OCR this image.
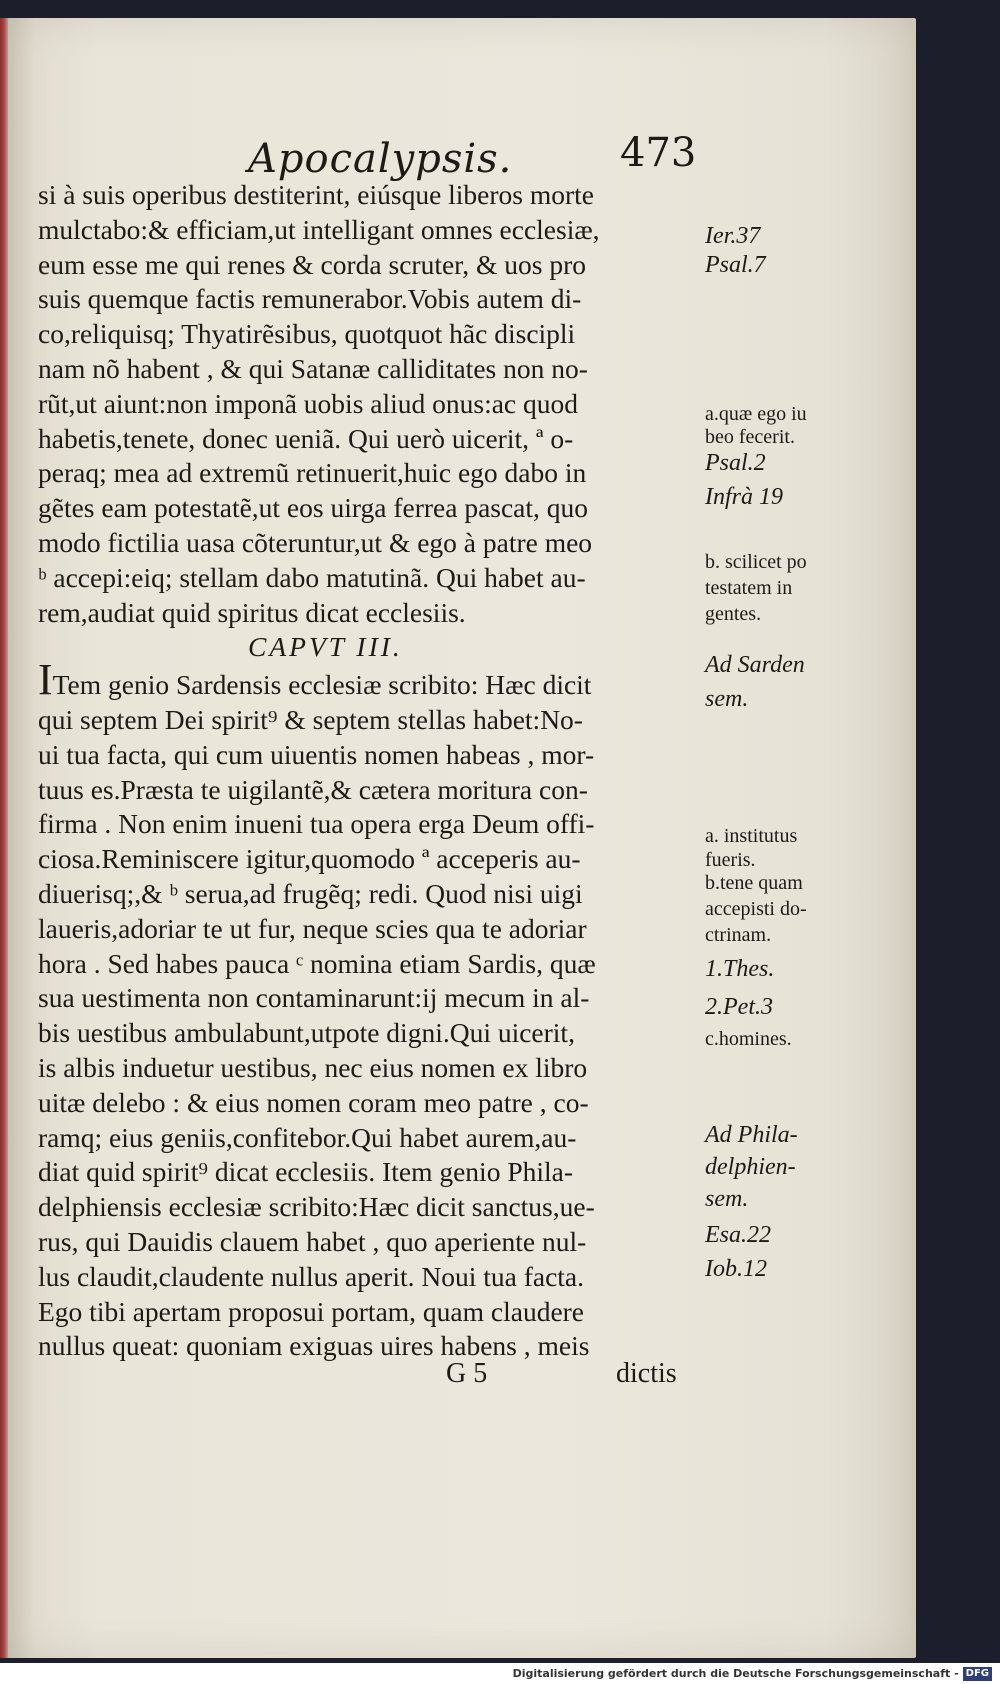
Apocalypsis.	473
si à suis operibus destiterint, eiúsque liberos morte
mulctabo:& efficiam,ut intelligant omnes ecclesiæ,
eum esse me qui renes & corda scruter, & uos pro
suis quemque factis remunerabor.Vobis autem di-
co,reliquisq; Thyatirẽsibus, quotquot hãc discipli
nam nõ habent , & qui Satanæ calliditates non no-
rũt,ut aiunt:non imponã uobis aliud onus:ac quod
habetis,tenete, donec ueniã. Qui uerò uicerit, ª o-
peraq; mea ad extremũ retinuerit,huic ego dabo in
gẽtes eam potestatẽ,ut eos uirga ferrea pascat, quo
modo fictilia uasa cõteruntur,ut & ego à patre meo
ᵇ accepi:eiq; stellam dabo matutinã. Qui habet au-
rem,audiat quid spiritus dicat ecclesiis.
CAPVT III.
ITem genio Sardensis ecclesiæ scribito: Hæc dicit
qui septem Dei spirit⁹ & septem stellas habet:No-
ui tua facta, qui cum uiuentis nomen habeas , mor-
tuus es.Præsta te uigilantẽ,& cætera moritura con-
firma . Non enim inueni tua opera erga Deum offi-
ciosa.Reminiscere igitur,quomodo ª acceperis au-
diuerisq;,& ᵇ serua,ad frugẽq; redi. Quod nisi uigi
laueris,adoriar te ut fur, neque scies qua te adoriar
hora . Sed habes pauca ᶜ nomina etiam Sardis, quæ
sua uestimenta non contaminarunt:ij mecum in al-
bis uestibus ambulabunt,utpote digni.Qui uicerit,
is albis induetur uestibus, nec eius nomen ex libro
uitæ delebo : & eius nomen coram meo patre , co-
ramq; eius geniis,confitebor.Qui habet aurem,au-
diat quid spirit⁹ dicat ecclesiis. Item genio Phila-
delphiensis ecclesiæ scribito:Hæc dicit sanctus,ue-
rus, qui Dauidis clauem habet , quo aperiente nul-
lus claudit,claudente nullus aperit. Noui tua facta.
Ego tibi apertam proposui portam, quam claudere
nullus queat: quoniam exiguas uires habens , meis
Ier.37
Psal.7
a.quæ ego iu
beo fecerit.
Psal.2
Infrà 19
b. scilicet po
testatem in
gentes.
Ad Sarden
sem.
a. institutus
fueris.
b.tene quam
accepisti do-
ctrinam.
1.Thes.
2.Pet.3
c.homines.
Ad Phila-
delphien-
sem.
Esa.22
Iob.12
G 5	dictis
Digitalisierung gefördert durch die Deutsche Forschungsgemeinschaft - DFG
